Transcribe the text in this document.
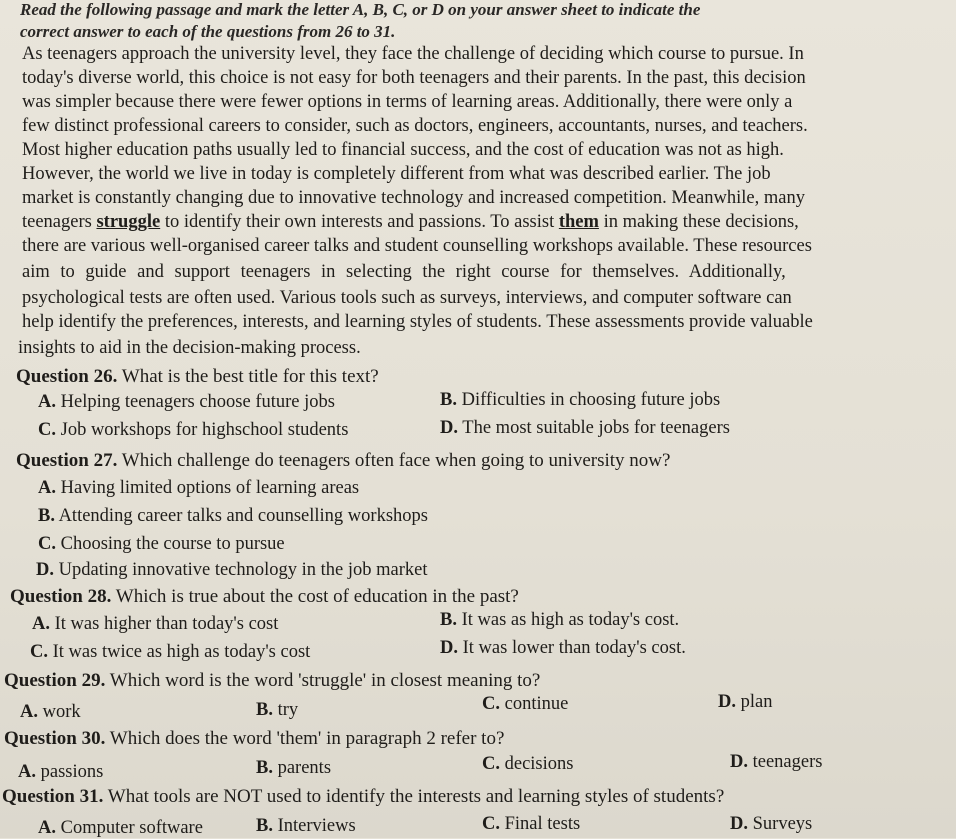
Read the following passage and mark the letter A, B, C, or D on your answer sheet to indicate the
correct answer to each of the questions from 26 to 31.
As teenagers approach the university level, they face the challenge of deciding which course to pursue. In
today's diverse world, this choice is not easy for both teenagers and their parents. In the past, this decision
was simpler because there were fewer options in terms of learning areas. Additionally, there were only a
few distinct professional careers to consider, such as doctors, engineers, accountants, nurses, and teachers.
Most higher education paths usually led to financial success, and the cost of education was not as high.
However, the world we live in today is completely different from what was described earlier. The job
market is constantly changing due to innovative technology and increased competition. Meanwhile, many
teenagers struggle to identify their own interests and passions. To assist them in making these decisions,
there are various well-organised career talks and student counselling workshops available. These resources
aim to guide and support teenagers in selecting the right course for themselves. Additionally,
psychological tests are often used. Various tools such as surveys, interviews, and computer software can
help identify the preferences, interests, and learning styles of students. These assessments provide valuable
insights to aid in the decision-making process.
Question 26. What is the best title for this text?
A. Helping teenagers choose future jobs	B. Difficulties in choosing future jobs
C. Job workshops for highschool students	D. The most suitable jobs for teenagers
Question 27. Which challenge do teenagers often face when going to university now?
A. Having limited options of learning areas
B. Attending career talks and counselling workshops
C. Choosing the course to pursue
D. Updating innovative technology in the job market
Question 28. Which is true about the cost of education in the past?
A. It was higher than today's cost	B. It was as high as today's cost.
C. It was twice as high as today's cost	D. It was lower than today's cost.
Question 29. Which word is the word 'struggle' in closest meaning to?
A. work	B. try	C. continue	D. plan
Question 30. Which does the word 'them' in paragraph 2 refer to?
A. passions	B. parents	C. decisions	D. teenagers
Question 31. What tools are NOT used to identify the interests and learning styles of students?
A. Computer software	B. Interviews	C. Final tests	D. Surveys
